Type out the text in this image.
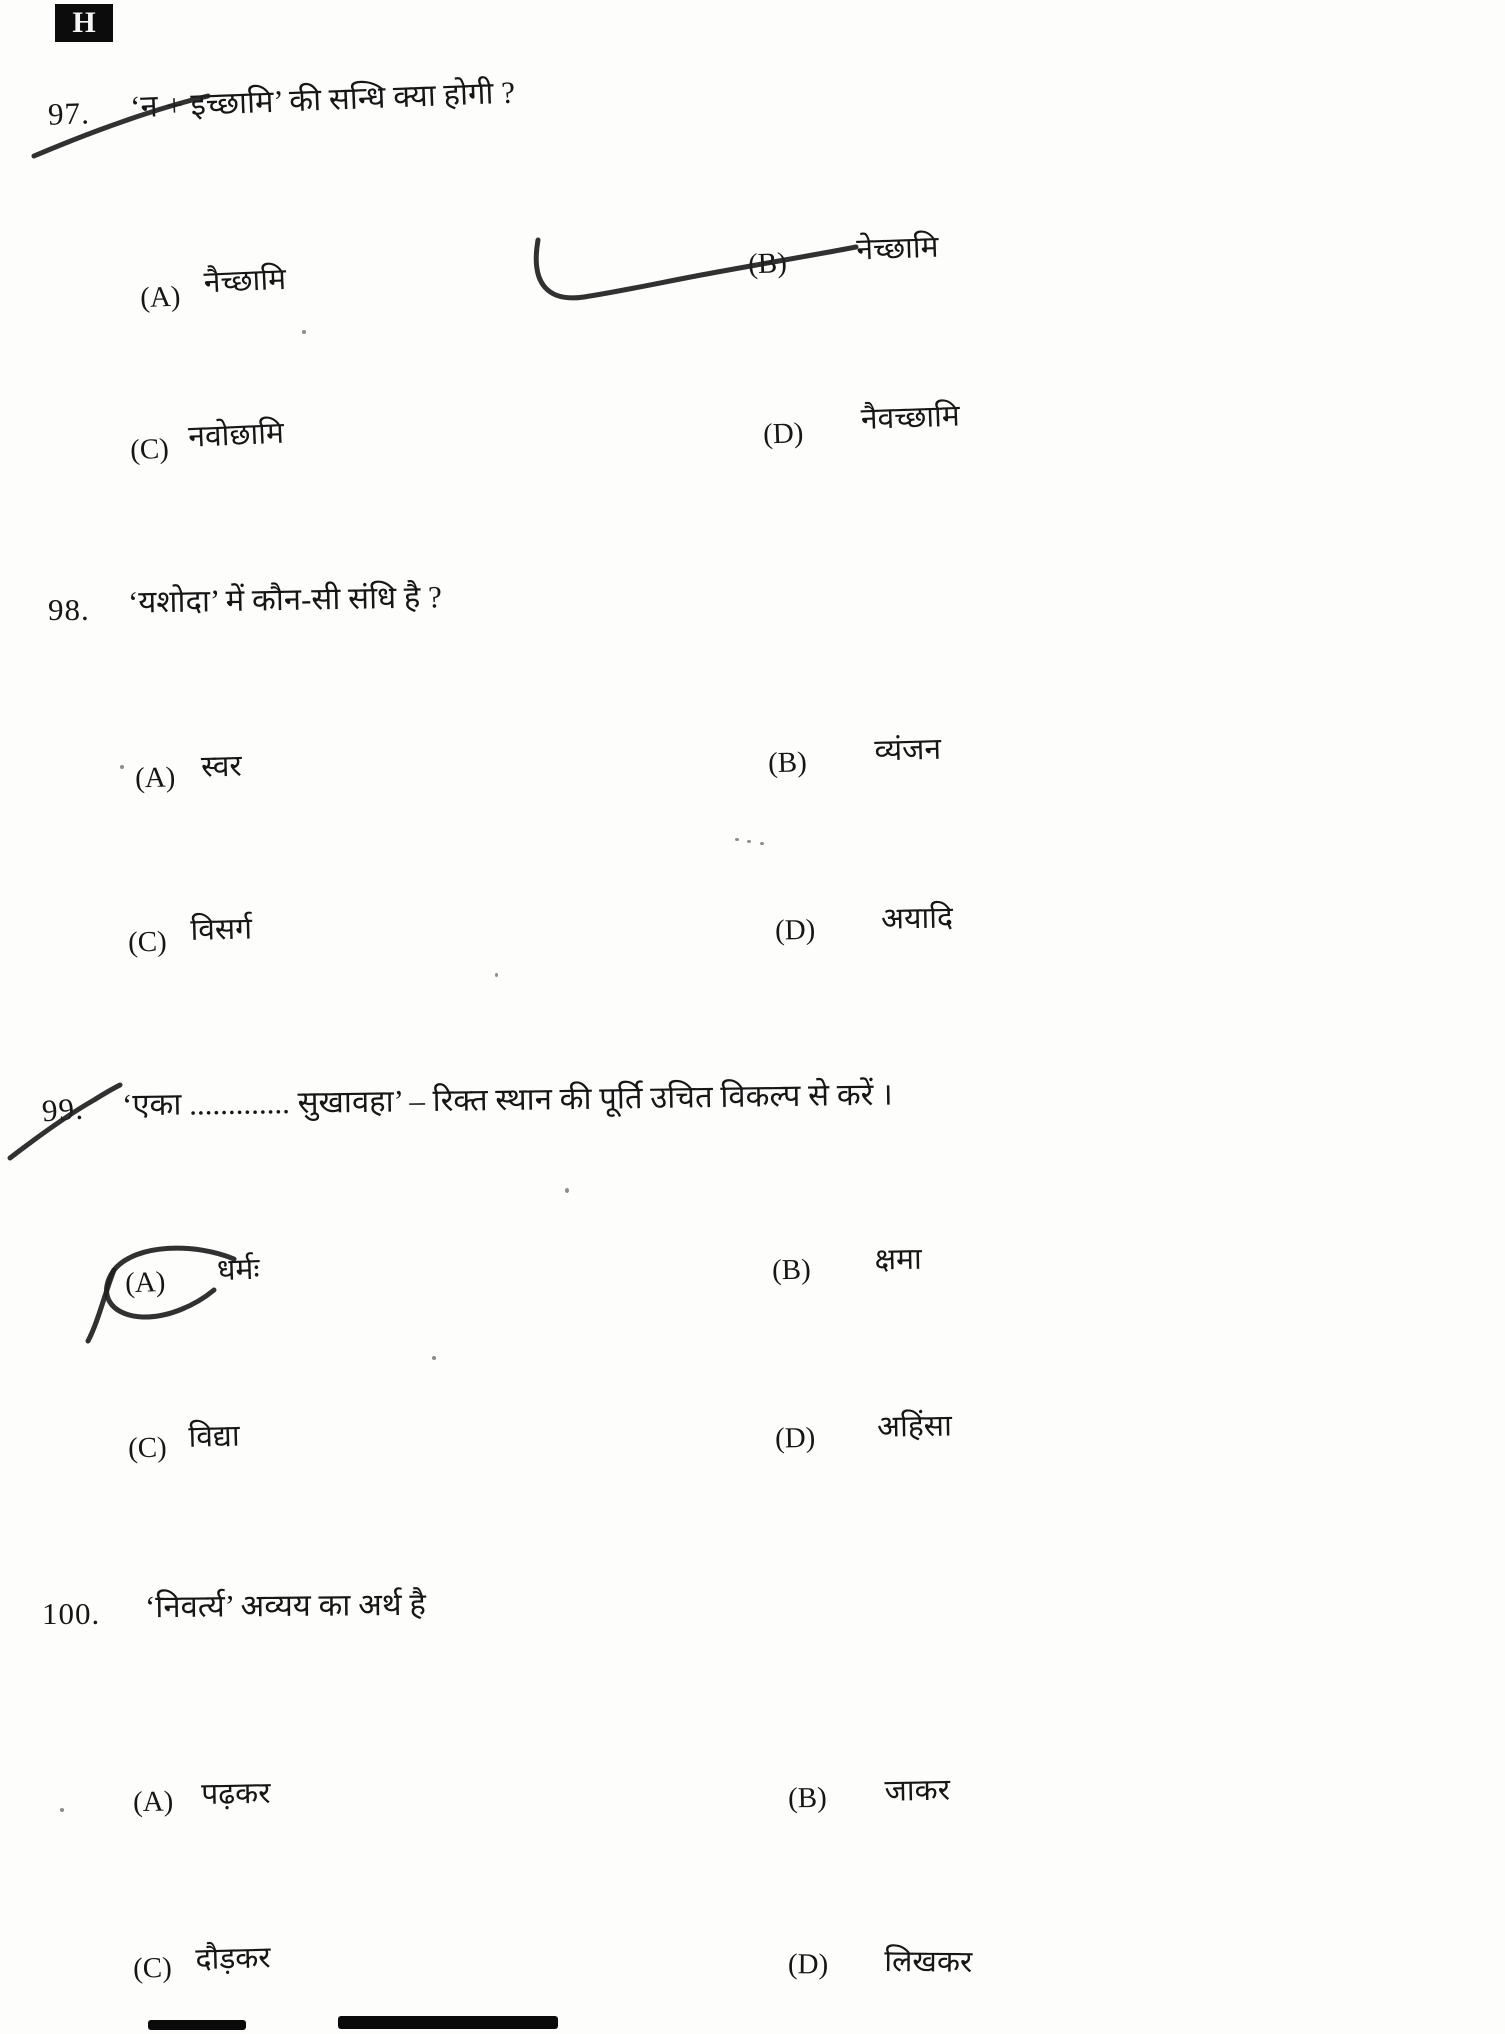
H
97. ‘न + इच्छामि’ की सन्धि क्या होगी ?
(A) नैच्छामि	(B) नेच्छामि
(C) नवोछामि	(D) नैवच्छामि
98. ‘यशोदा’ में कौन-सी संधि है ?
(A) स्वर	(B) व्यंजन
(C) विसर्ग	(D) अयादि
99. ‘एका ............. सुखावहा’ – रिक्त स्थान की पूर्ति उचित विकल्प से करें ।
(A) धर्मः	(B) क्षमा
(C) विद्या	(D) अहिंसा
100. ‘निवर्त्य’ अव्यय का अर्थ है
(A) पढ़कर	(B) जाकर
(C) दौड़कर	(D) लिखकर
